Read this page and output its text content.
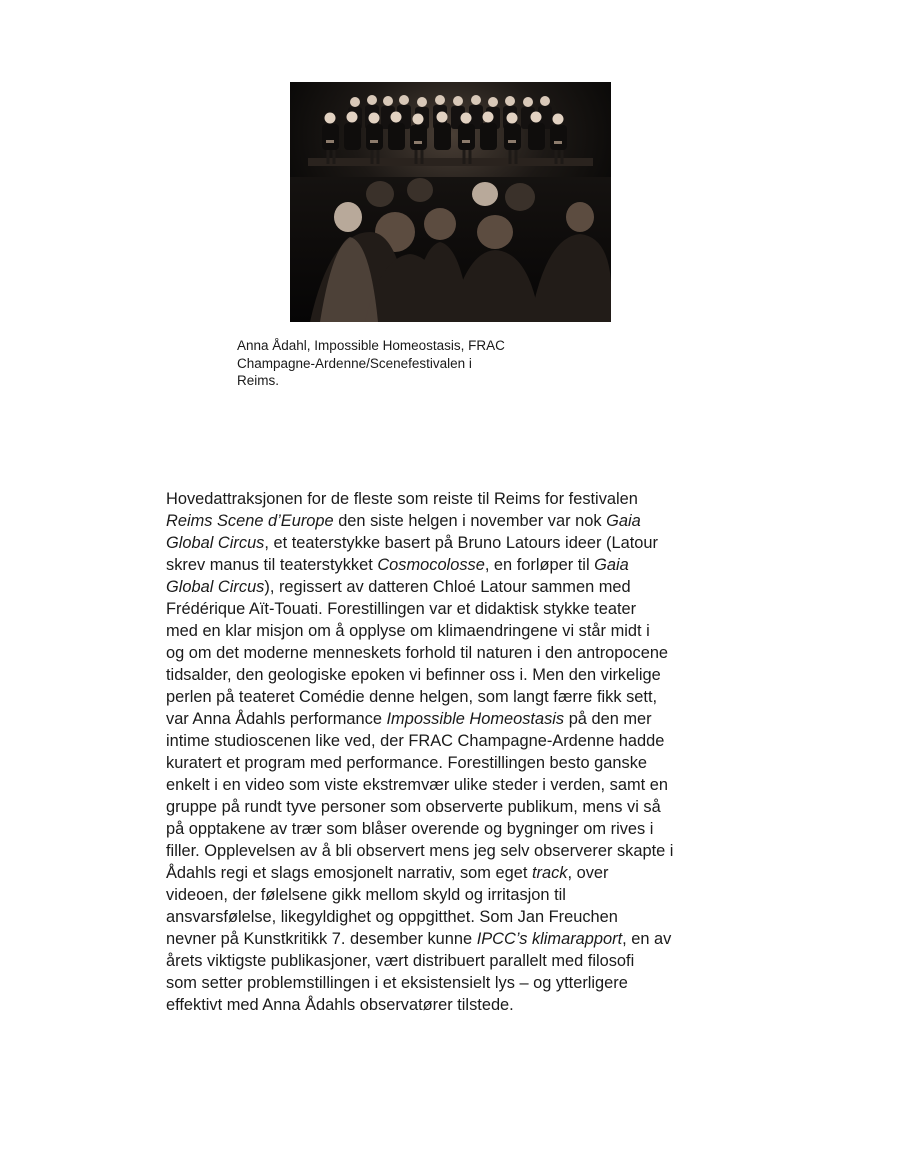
Anna Ådahl, Impossible Homeostasis, FRAC

Champagne-Ardenne/Scenefestivalen i

Reims.

Hovedattraksjonen for de fleste som reiste til Reims for festivalen
Reims Scene d’Europe den siste helgen i november var nok Gaia
Global Circus, et teaterstykke basert på Bruno Latours ideer (Latour
skrev manus til teaterstykket Cosmocolosse, en forløper til Gaia
Global Circus), regissert av datteren Chloé Latour sammen med
Frédérique Aït-Touati. Forestillingen var et didaktisk stykke teater
med en klar misjon om å opplyse om klimaendringene vi står midt i
og om det moderne menneskets forhold til naturen i den antropocene
tidsalder, den geologiske epoken vi befinner oss i. Men den virkelige
perlen på teateret Comédie denne helgen, som langt færre fikk sett,
var Anna Ådahls performance Impossible Homeostasis på den mer
intime studioscenen like ved, der FRAC Champagne-Ardenne hadde
kuratert et program med performance. Forestillingen besto ganske
enkelt i en video som viste ekstremvær ulike steder i verden, samt en
gruppe på rundt tyve personer som observerte publikum, mens vi så
på opptakene av trær som blåser overende og bygninger om rives i
filler. Opplevelsen av å bli observert mens jeg selv observerer skapte i
Ådahls regi et slags emosjonelt narrativ, som eget track, over
videoen, der følelsene gikk mellom skyld og irritasjon til
ansvarsfølelse, likegyldighet og oppgitthet. Som Jan Freuchen
nevner på Kunstkritikk 7. desember kunne IPCC’s klimarapport, en av
årets viktigste publikasjoner, vært distribuert parallelt med filosofi
som setter problemstillingen i et eksistensielt lys – og ytterligere
effektivt med Anna Ådahls observatører tilstede.
